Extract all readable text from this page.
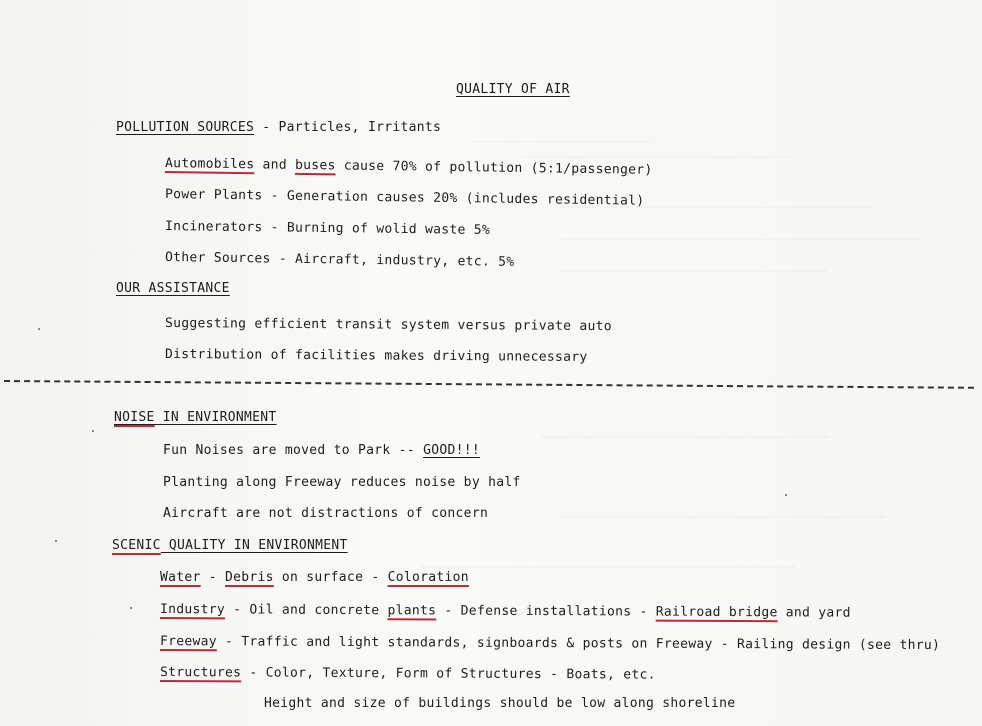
~~~~~~~~~~~~~~~~~~~~~~~~~
~~~~~~~~~~~~~~~~~~~~~~~~~~~~~~~~~~~~~~
~~~~~~~~~~~~~~~~~~~~~~~~~~~~~~~~~~~~~~~~~~~
~~~~~~~~~~~~~~~~~~~~~~~~~~~~~~~~~~~~~~~~~~~~~~~~~~
~~~~~~~~~~~~~~~~~~~~~~~~~~~~~~~~~~~~~
~~~~~~~~~~~~~~~~~~~~~~~~~~~~~~~~~~~~~~~~
~~~~~~~~~~~~~~~~~~~~~~~~~~~~~~~~~~~~~~~~~~~~~
~~~~~~~~~~~~~~~~~~~~~~~~~~~~~~~~~~~~~~~~~~~~~~~~~~~~
QUALITY OF AIR
POLLUTION SOURCES - Particles, Irritants
Automobiles and buses cause 70% of pollution (5:1/passenger)
Power Plants - Generation causes 20% (includes residential)
Incinerators - Burning of wolid waste 5%
Other Sources - Aircraft, industry, etc. 5%
OUR ASSISTANCE
Suggesting efficient transit system versus private auto
Distribution of facilities makes driving unnecessary
NOISE IN ENVIRONMENT
Fun Noises are moved to Park -- GOOD!!!
Planting along Freeway reduces noise by half
Aircraft are not distractions of concern
SCENIC QUALITY IN ENVIRONMENT
Water - Debris on surface - Coloration
Industry - Oil and concrete plants - Defense installations - Railroad bridge and yard
Freeway - Traffic and light standards, signboards & posts on Freeway - Railing design (see thru)
Structures - Color, Texture, Form of Structures - Boats, etc.
Height and size of buildings should be low along shoreline
